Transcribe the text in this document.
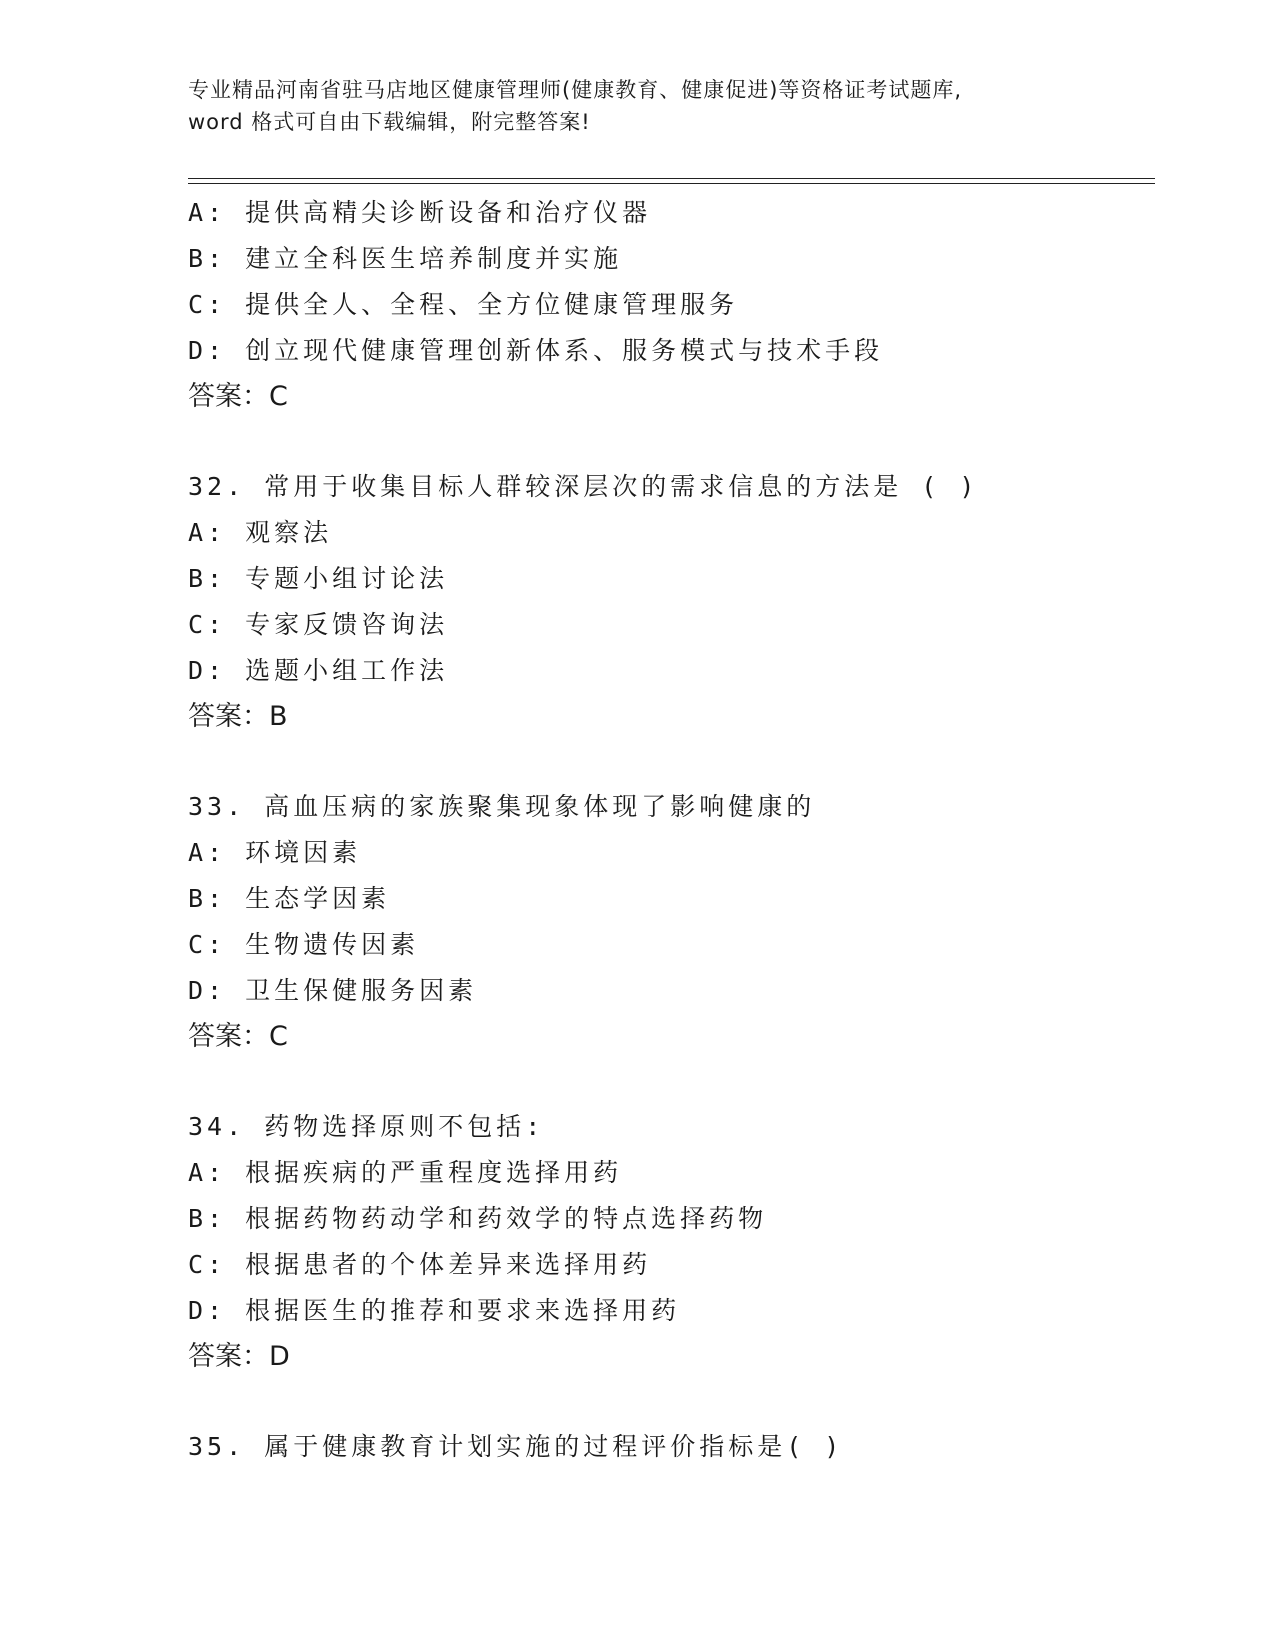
专业精品河南省驻马店地区健康管理师(健康教育、健康促进)等资格证考试题库,
word 格式可自由下载编辑，附完整答案!
A: 提供高精尖诊断设备和治疗仪器
B: 建立全科医生培养制度并实施
C: 提供全人、全程、全方位健康管理服务
D: 创立现代健康管理创新体系、服务模式与技术手段
答案：C
32. 常用于收集目标人群较深层次的需求信息的方法是 ( )
A: 观察法
B: 专题小组讨论法
C: 专家反馈咨询法
D: 选题小组工作法
答案：B
33. 高血压病的家族聚集现象体现了影响健康的
A: 环境因素
B: 生态学因素
C: 生物遗传因素
D: 卫生保健服务因素
答案：C
34. 药物选择原则不包括:
A: 根据疾病的严重程度选择用药
B: 根据药物药动学和药效学的特点选择药物
C: 根据患者的个体差异来选择用药
D: 根据医生的推荐和要求来选择用药
答案：D
35. 属于健康教育计划实施的过程评价指标是( )
